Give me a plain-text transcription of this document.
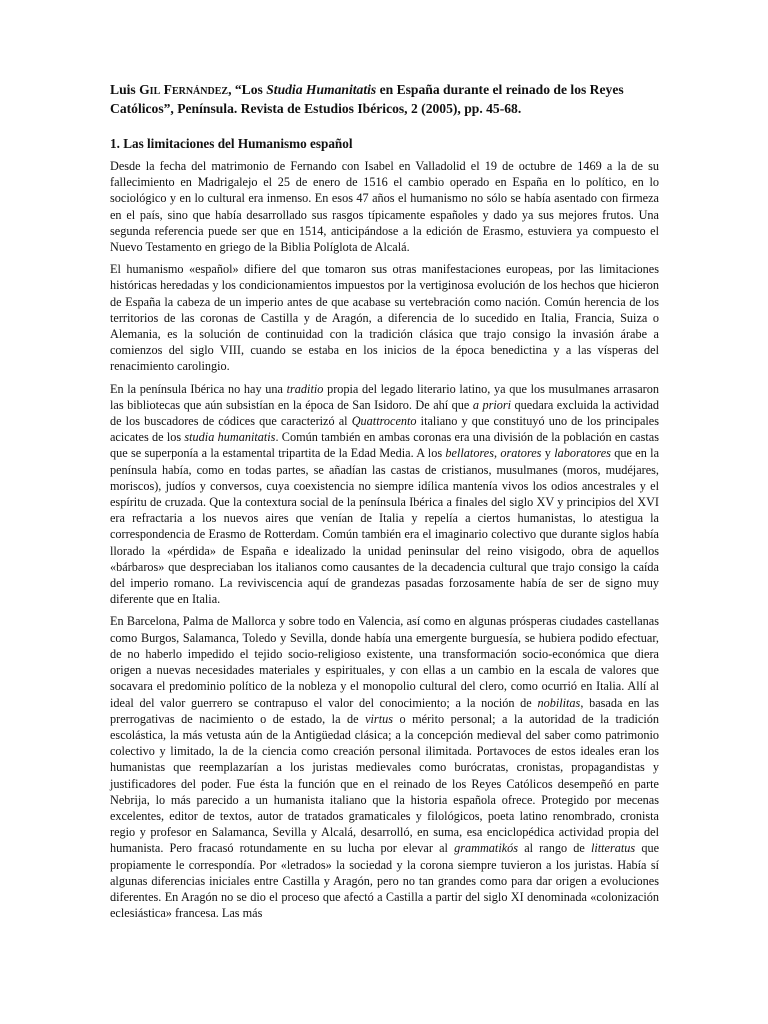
Luis Gil Fernández, “Los Studia Humanitatis en España durante el reinado de los Reyes Católicos”, Península. Revista de Estudios Ibéricos, 2 (2005), pp. 45-68.
1. Las limitaciones del Humanismo español

Desde la fecha del matrimonio de Fernando con Isabel en Valladolid el 19 de octubre de 1469 a la de su fallecimiento en Madrigalejo el 25 de enero de 1516 el cambio operado en España en lo político, en lo sociológico y en lo cultural era inmenso. En esos 47 años el humanismo no sólo se había asentado con firmeza en el país, sino que había desarrollado sus rasgos típicamente españoles y dado ya sus mejores frutos. Una segunda referencia puede ser que en 1514, anticipándose a la edición de Erasmo, estuviera ya compuesto el Nuevo Testamento en griego de la Biblia Políglota de Alcalá.

El humanismo «español» difiere del que tomaron sus otras manifestaciones europeas, por las limitaciones históricas heredadas y los condicionamientos impuestos por la vertiginosa evolución de los hechos que hicieron de España la cabeza de un imperio antes de que acabase su vertebración como nación. Común herencia de los territorios de las coronas de Castilla y de Aragón, a diferencia de lo sucedido en Italia, Francia, Suiza o Alemania, es la solución de continuidad con la tradición clásica que trajo consigo la invasión árabe a comienzos del siglo VIII, cuando se estaba en los inicios de la época benedictina y a las vísperas del renacimiento carolingio.

En la península Ibérica no hay una traditio propia del legado literario latino, ya que los musulmanes arrasaron las bibliotecas que aún subsistían en la época de San Isidoro. De ahí que a priori quedara excluida la actividad de los buscadores de códices que caracterizó al Quattrocento italiano y que constituyó uno de los principales acicates de los studia humanitatis. Común también en ambas coronas era una división de la población en castas que se superponía a la estamental tripartita de la Edad Media. A los bellatores, oratores y laboratores que en la península había, como en todas partes, se añadían las castas de cristianos, musulmanes (moros, mudéjares, moriscos), judíos y conversos, cuya coexistencia no siempre idílica mantenía vivos los odios ancestrales y el espíritu de cruzada. Que la contextura social de la península Ibérica a finales del siglo XV y principios del XVI era refractaria a los nuevos aires que venían de Italia y repelía a ciertos humanistas, lo atestigua la correspondencia de Erasmo de Rotterdam. Común también era el imaginario colectivo que durante siglos había llorado la «pérdida» de España e idealizado la unidad peninsular del reino visigodo, obra de aquellos «bárbaros» que despreciaban los italianos como causantes de la decadencia cultural que trajo consigo la caída del imperio romano. La reviviscencia aquí de grandezas pasadas forzosamente había de ser de signo muy diferente que en Italia.

En Barcelona, Palma de Mallorca y sobre todo en Valencia, así como en algunas prósperas ciudades castellanas como Burgos, Salamanca, Toledo y Sevilla, donde había una emergente burguesía, se hubiera podido efectuar, de no haberlo impedido el tejido socio-religioso existente, una transformación socio-económica que diera origen a nuevas necesidades materiales y espirituales, y con ellas a un cambio en la escala de valores que socavara el predominio político de la nobleza y el monopolio cultural del clero, como ocurrió en Italia. Allí al ideal del valor guerrero se contrapuso el valor del conocimiento; a la noción de nobilitas, basada en las prerrogativas de nacimiento o de estado, la de virtus o mérito personal; a la autoridad de la tradición escolástica, la más vetusta aún de la Antigüedad clásica; a la concepción medieval del saber como patrimonio colectivo y limitado, la de la ciencia como creación personal ilimitada. Portavoces de estos ideales eran los humanistas que reemplazarían a los juristas medievales como burócratas, cronistas, propagandistas y justificadores del poder. Fue ésta la función que en el reinado de los Reyes Católicos desempeñó en parte Nebrija, lo más parecido a un humanista italiano que la historia española ofrece. Protegido por mecenas excelentes, editor de textos, autor de tratados gramaticales y filológicos, poeta latino renombrado, cronista regio y profesor en Salamanca, Sevilla y Alcalá, desarrolló, en suma, esa enciclopédica actividad propia del humanista. Pero fracasó rotundamente en su lucha por elevar al grammatikós al rango de litteratus que propiamente le correspondía. Por «letrados» la sociedad y la corona siempre tuvieron a los juristas. Había sí algunas diferencias iniciales entre Castilla y Aragón, pero no tan grandes como para dar origen a evoluciones diferentes. En Aragón no se dio el proceso que afectó a Castilla a partir del siglo XI denominada «colonización eclesiástica» francesa. Las más
